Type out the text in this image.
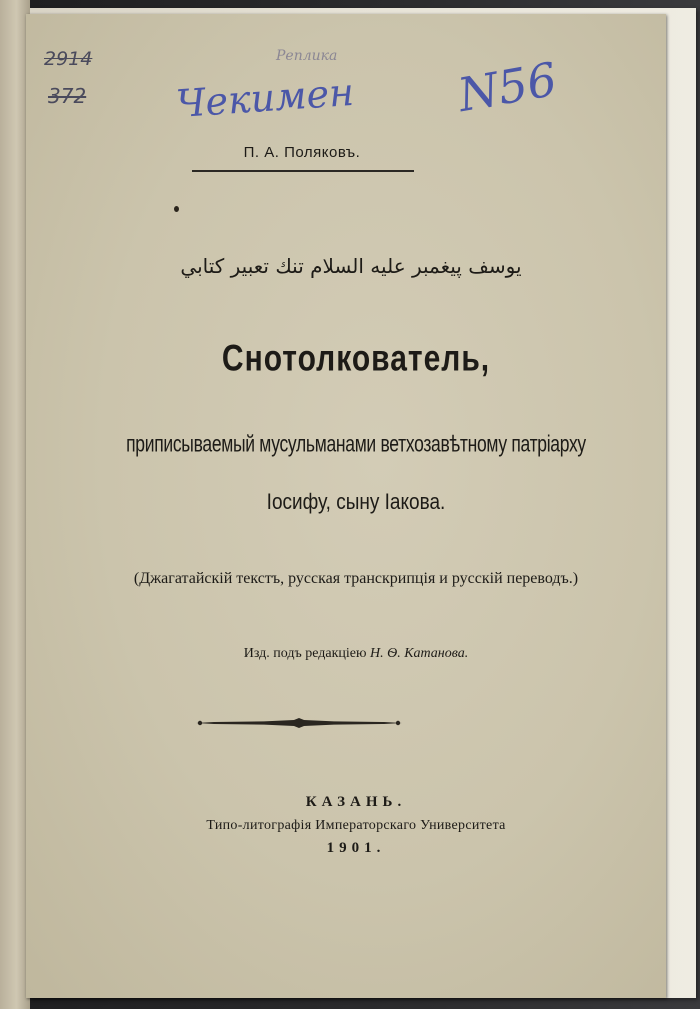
2914
372
Реплика
Чекимен N56
П. А. Поляковъ.
يوسف پيغمبر عليه السلام تنك تعبير كتابي
Снотолкователь,
приписываемый мусульманами ветхозавѣтному патріарху
Іосифу, сыну Іакова.
(Джагатайскій текстъ, русская транскрипція и русскій переводъ.)
Изд. подъ редакціею Н. Ѳ. Катанова.
КАЗАНЬ.
Типо-литографія Императорскаго Университета
1901.
